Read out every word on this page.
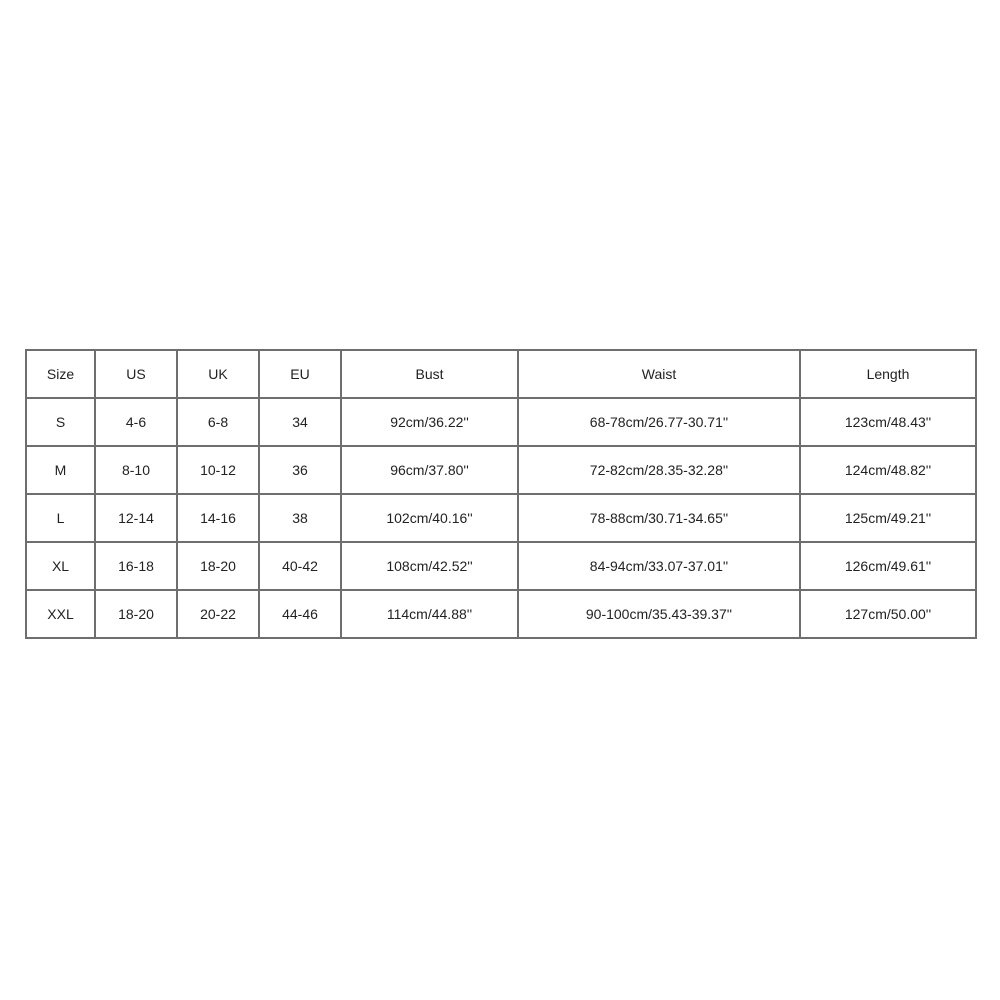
Size	US	UK	EU	Bust	Waist	Length
S	4-6	6-8	34	92cm/36.22''	68-78cm/26.77-30.71''	123cm/48.43''
M	8-10	10-12	36	96cm/37.80''	72-82cm/28.35-32.28''	124cm/48.82''
L	12-14	14-16	38	102cm/40.16''	78-88cm/30.71-34.65''	125cm/49.21''
XL	16-18	18-20	40-42	108cm/42.52''	84-94cm/33.07-37.01''	126cm/49.61''
XXL	18-20	20-22	44-46	114cm/44.88''	90-100cm/35.43-39.37''	127cm/50.00''
